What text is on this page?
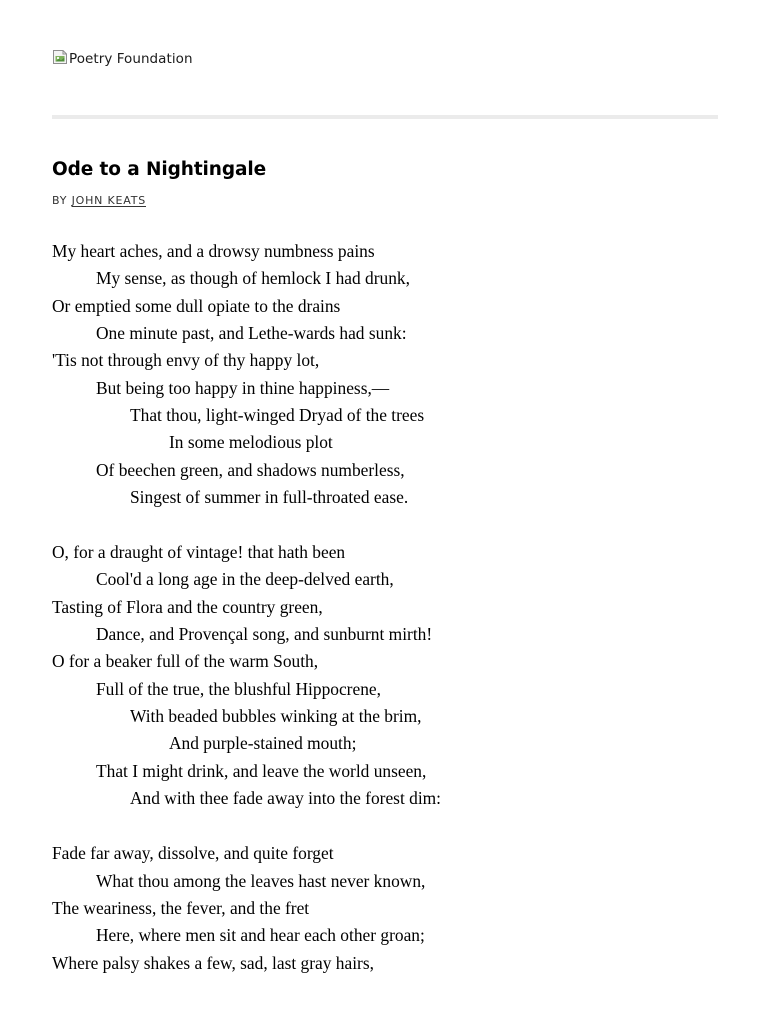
Poetry Foundation
Ode to a Nightingale
BY JOHN KEATS
My heart aches, and a drowsy numbness pains
My sense, as though of hemlock I had drunk,
Or emptied some dull opiate to the drains
One minute past, and Lethe-wards had sunk:
'Tis not through envy of thy happy lot,
But being too happy in thine happiness,—
That thou, light-winged Dryad of the trees
In some melodious plot
Of beechen green, and shadows numberless,
Singest of summer in full-throated ease.
O, for a draught of vintage! that hath been
Cool'd a long age in the deep-delved earth,
Tasting of Flora and the country green,
Dance, and Provençal song, and sunburnt mirth!
O for a beaker full of the warm South,
Full of the true, the blushful Hippocrene,
With beaded bubbles winking at the brim,
And purple-stained mouth;
That I might drink, and leave the world unseen,
And with thee fade away into the forest dim:
Fade far away, dissolve, and quite forget
What thou among the leaves hast never known,
The weariness, the fever, and the fret
Here, where men sit and hear each other groan;
Where palsy shakes a few, sad, last gray hairs,
